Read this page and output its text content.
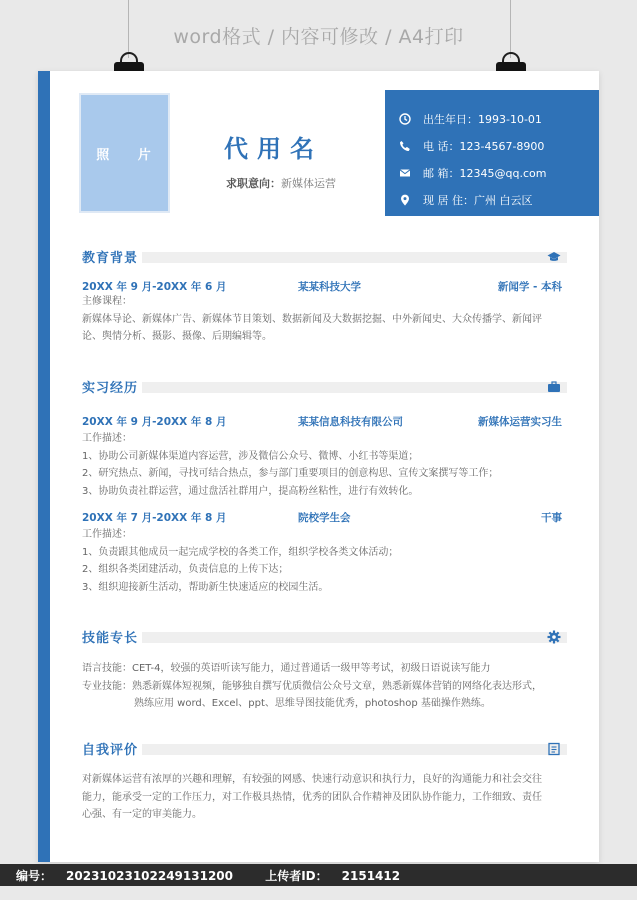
word格式 / 内容可修改 / A4打印
照 片	代用名
求职意向：新媒体运营
出生年日：1993-10-01
电 话：123-4567-8900
邮 箱：12345@qq.com
现 居 住：广州 白云区
教育背景
20XX 年 9 月-20XX 年 6 月	某某科技大学	新闻学 - 本科
主修课程：
新媒体导论、新媒体广告、新媒体节目策划、数据新闻及大数据挖掘、中外新闻史、大众传播学、新闻评
论、舆情分析、摄影、摄像、后期编辑等。
实习经历
20XX 年 9 月-20XX 年 8 月	某某信息科技有限公司	新媒体运营实习生
工作描述：
1、协助公司新媒体渠道内容运营，涉及微信公众号、微博、小红书等渠道；
2、研究热点、新闻，寻找可结合热点，参与部门重要项目的创意构思、宣传文案撰写等工作；
3、协助负责社群运营，通过盘活社群用户，提高粉丝粘性，进行有效转化。
20XX 年 7 月-20XX 年 8 月	院校学生会	干事
工作描述：
1、负责跟其他成员一起完成学校的各类工作，组织学校各类文体活动；
2、组织各类团建活动，负责信息的上传下达；
3、组织迎接新生活动，帮助新生快速适应的校园生活。
技能专长
语言技能：CET-4，较强的英语听读写能力，通过普通话一级甲等考试，初级日语说读写能力
专业技能：熟悉新媒体短视频，能够独自撰写优质微信公众号文章，熟悉新媒体营销的网络化表达形式，
熟练应用 word、Excel、ppt、思维导图技能优秀，photoshop 基础操作熟练。
自我评价
对新媒体运营有浓厚的兴趣和理解，有较强的网感、快速行动意识和执行力，良好的沟通能力和社会交往
能力，能承受一定的工作压力，对工作极具热情，优秀的团队合作精神及团队协作能力，工作细致、责任
心强、有一定的审美能力。
编号： 20231023102249131200	上传者ID： 2151412
